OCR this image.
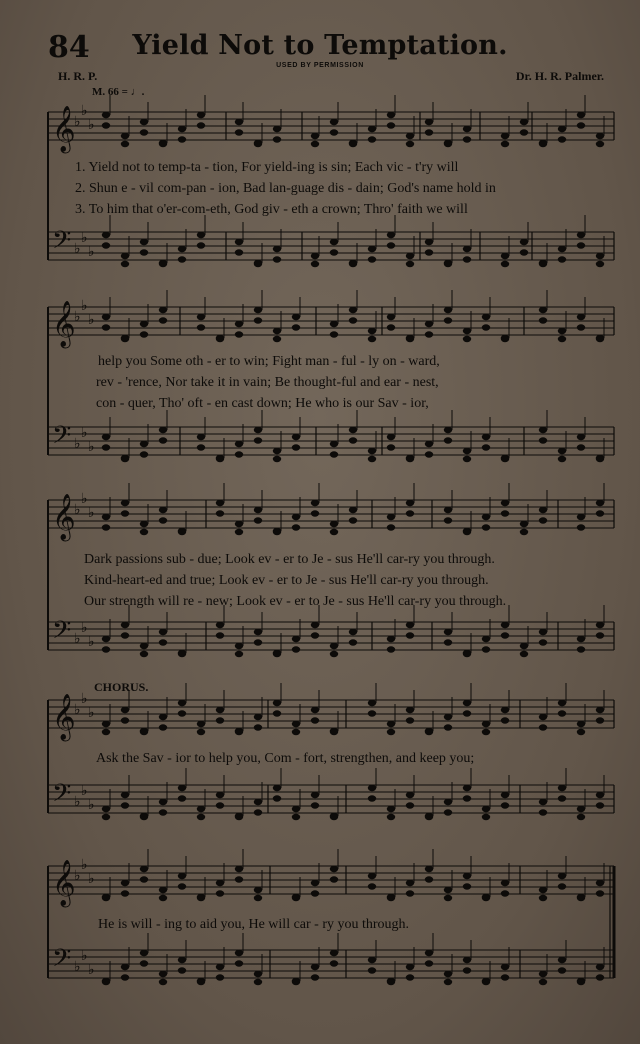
84	Yield Not to Temptation.
USED BY PERMISSION
H. R. P.	Dr. H. R. Palmer.
M. 66 = ♩.
𝄞
♭
♭
♭
𝄢 ♭
♭
♭
𝄞
♭
♭
♭
𝄢 ♭
♭
♭
𝄞
♭
♭
♭
𝄢 ♭
♭
♭
𝄞
♭
♭
♭
𝄢 ♭
♭
♭
𝄞
♭
♭
♭
𝄢 ♭
♭
♭
1. Yield not to temp-ta - tion, For yield-ing is sin; Each vic - t'ry will
2. Shun e - vil com-pan - ion, Bad lan-guage dis - dain; God's name hold in
3. To him that o'er-com-eth, God giv - eth a crown; Thro' faith we will
help you Some oth - er to win; Fight man - ful - ly on - ward,
rev - 'rence, Nor take it in vain; Be thought-ful and ear - nest,
con - quer, Tho' oft - en cast down; He who is our Sav - ior,
Dark passions sub - due; Look ev - er to Je - sus He'll car-ry you through.
Kind-heart-ed and true; Look ev - er to Je - sus He'll car-ry you through.
Our strength will re - new; Look ev - er to Je - sus He'll car-ry you through.
CHORUS.
Ask the Sav - ior to help you, Com - fort, strengthen, and keep you;
He is will - ing to aid you, He will car - ry you through.
